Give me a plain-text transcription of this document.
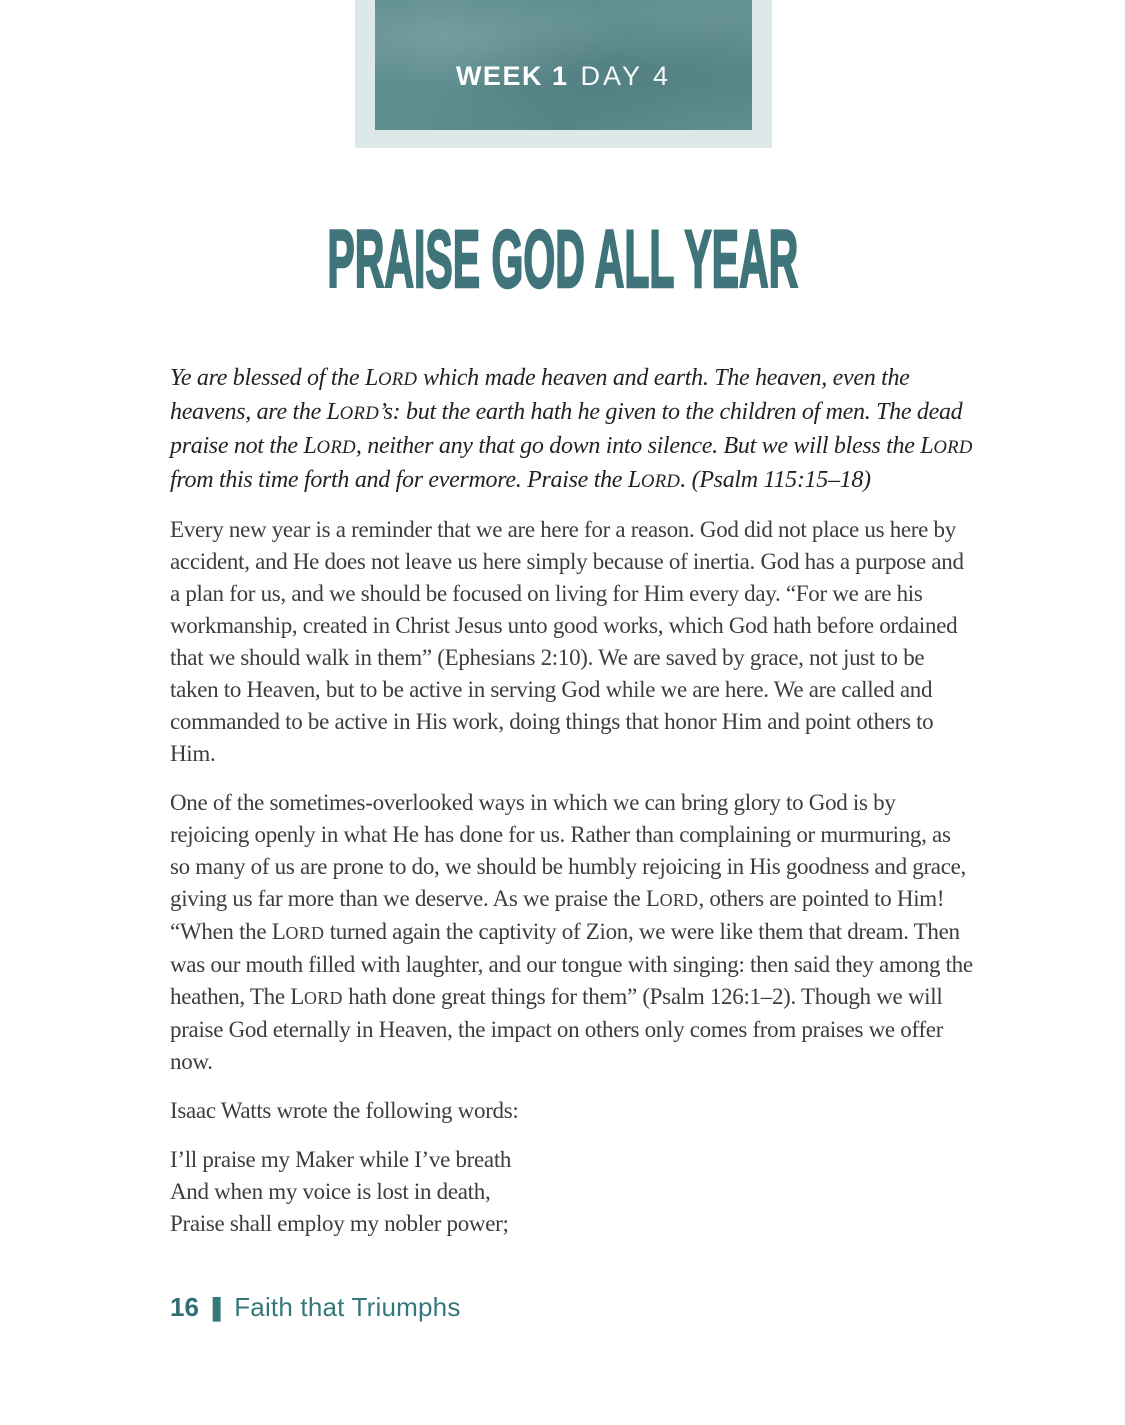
WEEK 1 DAY 4
PRAISE GOD ALL YEAR
Ye are blessed of the LORD which made heaven and earth. The heaven, even the heavens, are the LORD’s: but the earth hath he given to the children of men. The dead praise not the LORD, neither any that go down into silence. But we will bless the LORD from this time forth and for evermore. Praise the LORD. (Psalm 115:15–18)
Every new year is a reminder that we are here for a reason. God did not place us here by accident, and He does not leave us here simply because of inertia. God has a purpose and a plan for us, and we should be focused on living for Him every day. “For we are his workmanship, created in Christ Jesus unto good works, which God hath before ordained that we should walk in them” (Ephesians 2:10). We are saved by grace, not just to be taken to Heaven, but to be active in serving God while we are here. We are called and commanded to be active in His work, doing things that honor Him and point others to Him.
One of the sometimes-overlooked ways in which we can bring glory to God is by rejoicing openly in what He has done for us. Rather than complaining or murmuring, as so many of us are prone to do, we should be humbly rejoicing in His goodness and grace, giving us far more than we deserve. As we praise the LORD, others are pointed to Him! “When the LORD turned again the captivity of Zion, we were like them that dream. Then was our mouth filled with laughter, and our tongue with singing: then said they among the heathen, The LORD hath done great things for them” (Psalm 126:1–2). Though we will praise God eternally in Heaven, the impact on others only comes from praises we offer now.
Isaac Watts wrote the following words:
I’ll praise my Maker while I’ve breath
And when my voice is lost in death,
Praise shall employ my nobler power;
16 | Faith that Triumphs
